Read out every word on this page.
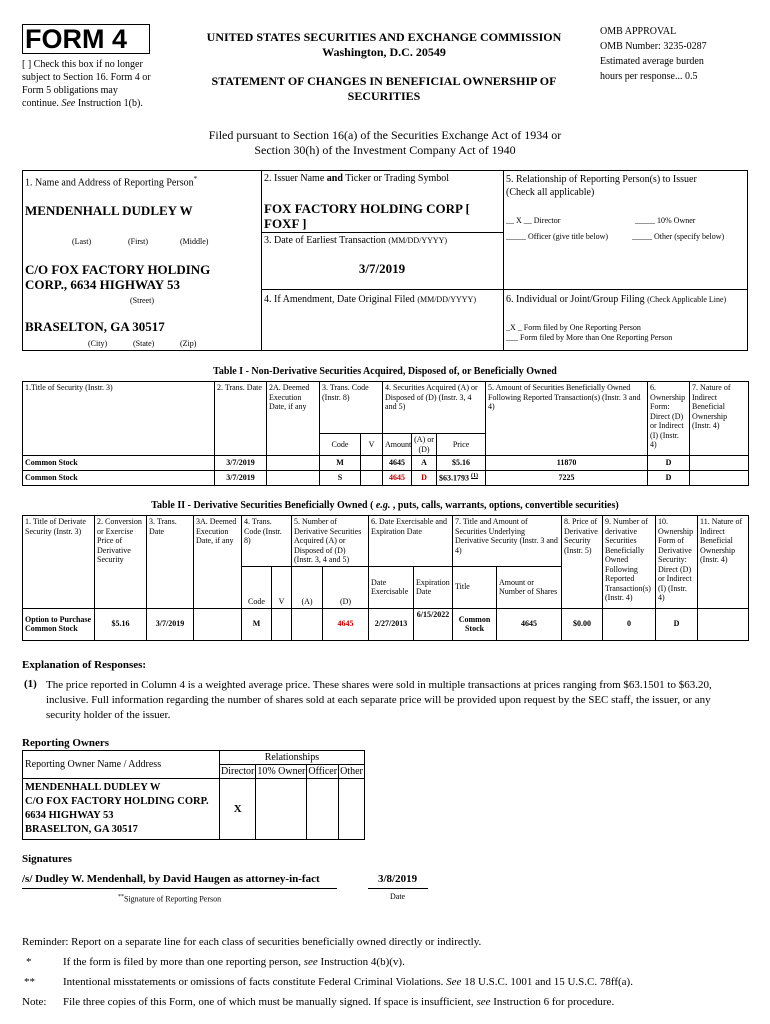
FORM 4
[ ] Check this box if no longer
subject to Section 16. Form 4 or
Form 5 obligations may
continue. See Instruction 1(b).
UNITED STATES SECURITIES AND EXCHANGE COMMISSION
Washington, D.C. 20549
STATEMENT OF CHANGES IN BENEFICIAL OWNERSHIP OF
SECURITIES
OMB APPROVAL
OMB Number: 3235-0287
Estimated average burden
hours per response... 0.5
Filed pursuant to Section 16(a) of the Securities Exchange Act of 1934 or
Section 30(h) of the Investment Company Act of 1940
1. Name and Address of Reporting Person*
MENDENHALL DUDLEY W
(Last)	(First)	(Middle)
C/O FOX FACTORY HOLDING
CORP., 6634 HIGHWAY 53
(Street)
BRASELTON, GA 30517
(City)	(State)	(Zip)
2. Issuer Name and Ticker or Trading Symbol
FOX FACTORY HOLDING CORP [
FOXF ]
3. Date of Earliest Transaction (MM/DD/YYYY)
3/7/2019
4. If Amendment, Date Original Filed (MM/DD/YYYY)
5. Relationship of Reporting Person(s) to Issuer
(Check all applicable)
__ X __ Director	_____ 10% Owner
_____ Officer (give title below)	_____ Other (specify below)
6. Individual or Joint/Group Filing (Check Applicable Line)
_X _ Form filed by One Reporting Person
___ Form filed by More than One Reporting Person
Table I - Non-Derivative Securities Acquired, Disposed of, or Beneficially Owned
1.Title of Security (Instr. 3)	2. Trans. Date	2A. Deemed Execution Date, if any	3. Trans. Code (Instr. 8)		4. Securities Acquired (A) or Disposed of (D) (Instr. 3, 4 and 5)			5. Amount of Securities Beneficially Owned Following Reported Transaction(s) (Instr. 3 and 4)	6. Ownership Form: Direct (D) or Indirect (I) (Instr. 4)	7. Nature of Indirect Beneficial Ownership (Instr. 4)
			Code	V	Amount	(A) or (D)	Price			
Common Stock	3/7/2019		M		4645	A	$5.16	11870	D	
Common Stock	3/7/2019		S		4645	D	$63.1793 $^{(1)}$	7225	D	
Table II - Derivative Securities Beneficially Owned ( e.g. , puts, calls, warrants, options, convertible securities)
1. Title of Derivate Security (Instr. 3)	2. Conversion or Exercise Price of Derivative Security	3. Trans. Date	3A. Deemed Execution Date, if any	4. Trans. Code (Instr. 8)		5. Number of Derivative Securities Acquired (A) or Disposed of (D) (Instr. 3, 4 and 5)		6. Date Exercisable and Expiration Date		7. Title and Amount of Securities Underlying Derivative Security (Instr. 3 and 4)		8. Price of Derivative Security (Instr. 5)	9. Number of derivative Securities Beneficially Owned Following Reported Transaction(s) (Instr. 4)	10. Ownership Form of Derivative Security: Direct (D) or Indirect (I) (Instr. 4)	11. Nature of Indirect Beneficial Ownership (Instr. 4)
				Code	V	(A)	(D)	Date Exercisable	Expiration Date	Title	Amount or Number of Shares				
Option to Purchase Common Stock	$5.16	3/7/2019		M			4645	2/27/2013	6/15/2022	Common Stock	4645	$0.00	0	D	
Explanation of Responses:
(1) The price reported in Column 4 is a weighted average price. These shares were sold in multiple transactions at prices ranging from $63.1501 to $63.20,
inclusive. Full information regarding the number of shares sold at each separate price will be provided upon request by the SEC staff, the issuer, or any
security holder of the issuer.
Reporting Owners
Reporting Owner Name / Address	Relationships			
	Director	10% Owner	Officer	Other

MENDENHALL DUDLEY W
C/O FOX FACTORY HOLDING CORP.
6634 HIGHWAY 53
BRASELTON, GA 30517	X			
Signatures
/s/ Dudley W. Mendenhall, by David Haugen as attorney-in-fact	3/8/2019
**Signature of Reporting Person	Date
Reminder: Report on a separate line for each class of securities beneficially owned directly or indirectly.
*	If the form is filed by more than one reporting person, see Instruction 4(b)(v).
**	Intentional misstatements or omissions of facts constitute Federal Criminal Violations. See 18 U.S.C. 1001 and 15 U.S.C. 78ff(a).
Note: File three copies of this Form, one of which must be manually signed. If space is insufficient, see Instruction 6 for procedure.
